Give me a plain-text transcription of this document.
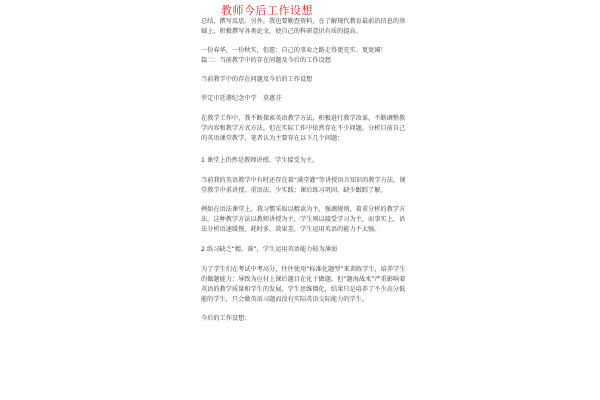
教师今后工作设想

总结，撰写反思。另外，我也要勤查资料，在了解现代教育最前沿信息的基础上，积极撰写各类论文，使自己的科研意识有质的提高。

一份春华，一份秋实，但愿：自己的事业之路走得更充实、更宽阔！

篇二：当前教学中的存在问题及今后的工作设想

当前教学中的存在问题及今后的工作设想

罗定市廷谐纪念中学　莫惠芬

在教学工作中，我不断探索英语教学方法，积极进行教学改革，不断调整教学内容和教学方式方法，但在实际工作中依然存在不少问题，分析目前自己的英语课堂教学，笔者认为主要存在以下几个问题：

1 课堂上仍然是教师讲授、学生接受为主。

当前我的英语教学中有时还存在着“满堂灌”等讲授语言知识的教学方法，课堂教学中重讲授、重语法、少实践；课后练习巩固、缺少跟踪了解。

例如在语法课堂上，我习惯采取以精读为主，强调规则，着重分析的教学方法。这种教学方法以教师讲授为主，学生则以接受学习为主，而事实上，语法分析语速缓慢，耗时多，效果差，学生运用英语的能力不太强。

2 练习缺乏“精、准”，学生运用英语能力较为薄弱

为了学生们在考试中考高分，往往使用“标准化题型”来训练学生，培养学生的做题能力；导致为应付上课后题目在化于做题。但“题海战术”严重影响着英语的教学质量和学生的发展，学生思维僵化，结果只是培养了不少高分低能的学生，只会做英语习题而没有实际英语交际能力的学生。

今后的工作设想：
